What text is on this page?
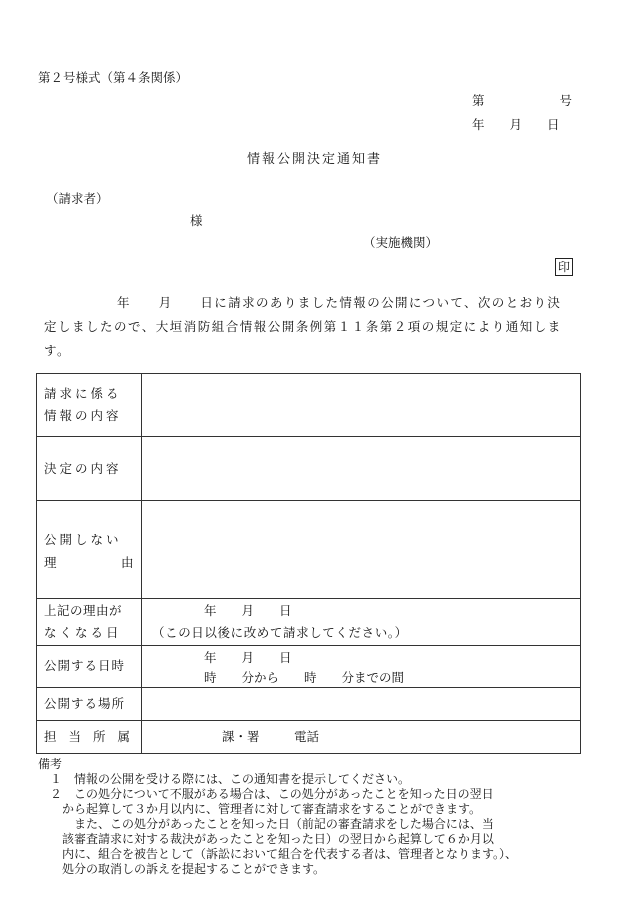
第２号様式（第４条関係）
第　　　　　　号
年　　月　　日
情報公開決定通知書
（請求者）
様
（実施機関）
印
年　　月　　日に請求のありました情報の公開について、次のとおり決
定しましたので、大垣消防組合情報公開条例第１１条第２項の規定により通知しま
す。
請求に係る
情報の内容	

決定の内容	

公開しない
理 由	

上記の理由が
なくなる日	年　　月　　日
（この日以後に改めて請求してください。）

公開する日時	年　　月　　日
時　　分から　　時　　分までの間

公開する場所	

担当所属	課・署 電話
備考
　１　情報の公開を受ける際には、この通知書を提示してください。
　２　この処分について不服がある場合は、この処分があったことを知った日の翌日
　　から起算して３か月以内に、管理者に対して審査請求をすることができます。
　　　また、この処分があったことを知った日（前記の審査請求をした場合には、当
　　該審査請求に対する裁決があったことを知った日）の翌日から起算して６か月以
　　内に、組合を被告として（訴訟において組合を代表する者は、管理者となります。）、
　　処分の取消しの訴えを提起することができます。
